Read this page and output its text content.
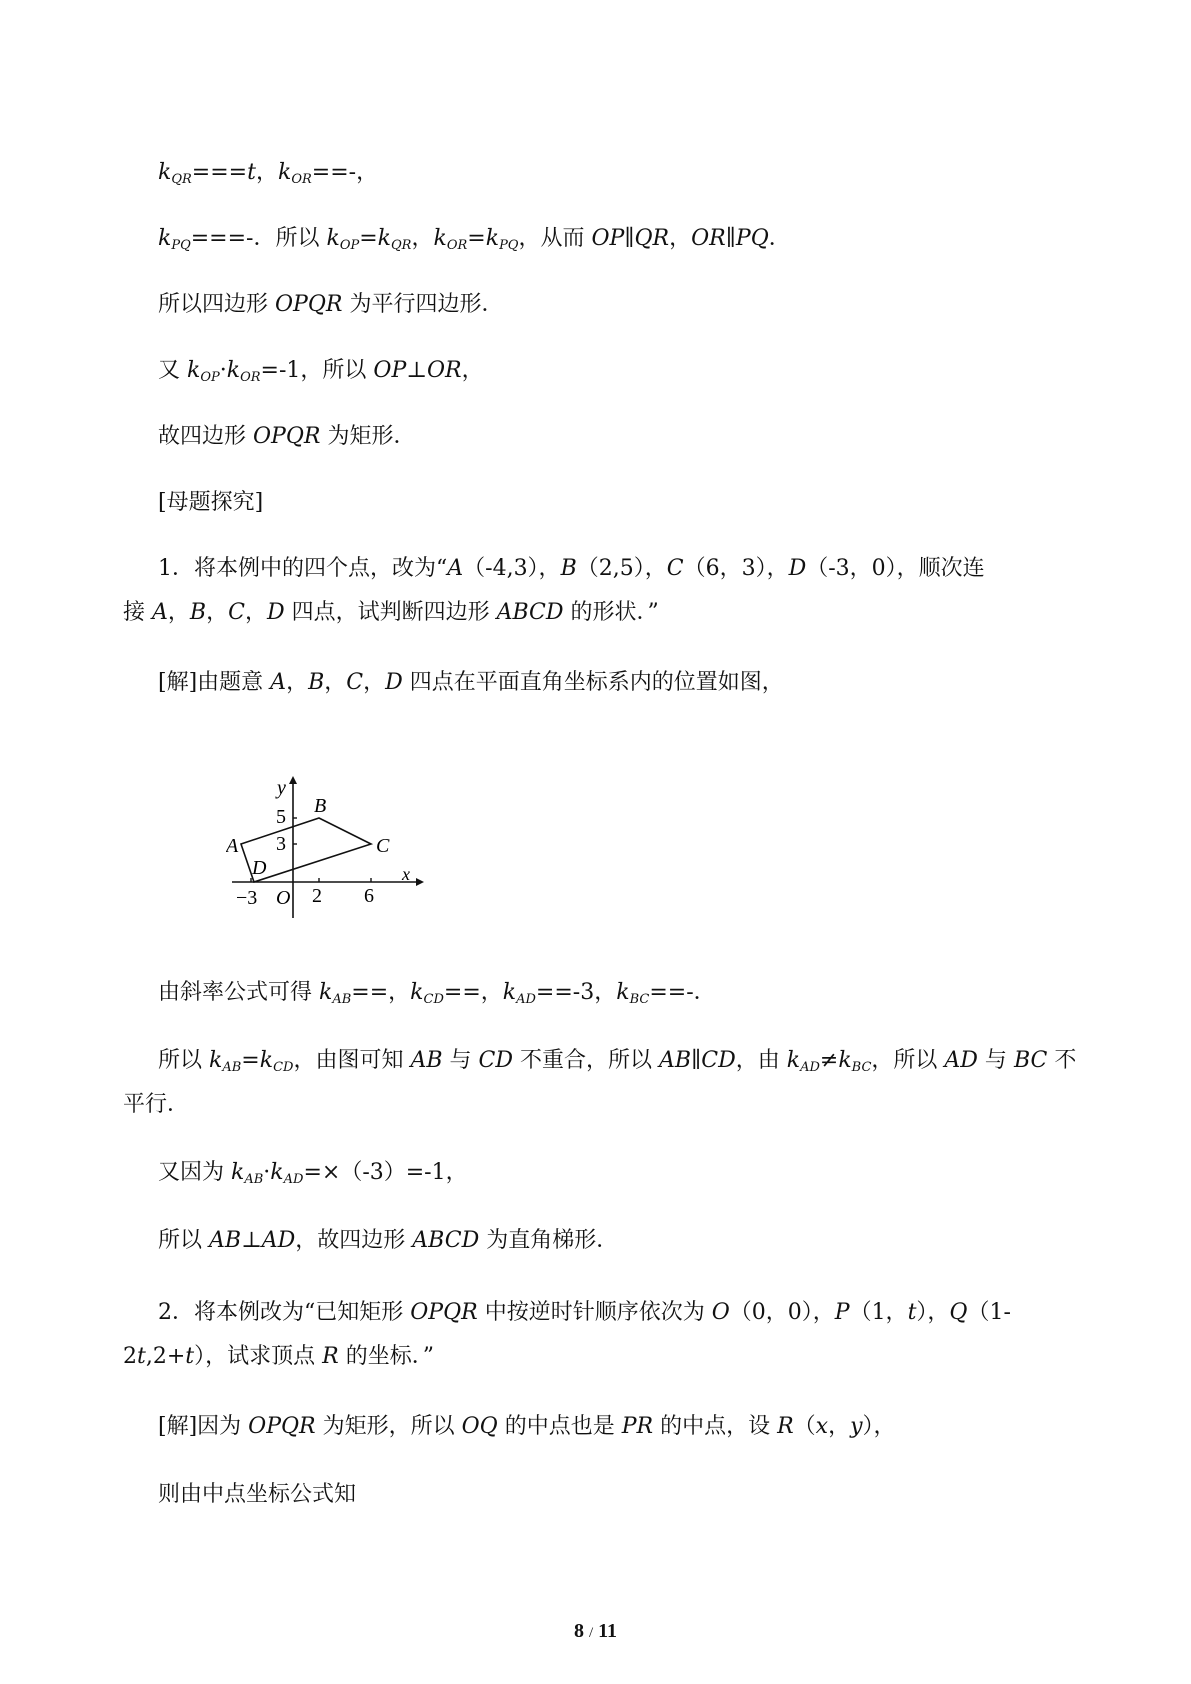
$k_{QR}===t$，$k_{OR}==-$，
$k_{PQ}===-$．所以 $k_{OP}=k_{QR}$，$k_{OR}=k_{PQ}$，从而 OP∥QR，OR∥PQ．
所以四边形 OPQR 为平行四边形．
又 $k_{OP}\cdot k_{OR}=-1$，所以 OP⊥OR，
故四边形 OPQR 为矩形．
[母题探究]
1．将本例中的四个点，改为“A（-4,3），B（2,5），C（6，3），D（-3，0），顺次连
接 A，B，C，D 四点，试判断四边形 ABCD 的形状．”
[解]由题意 A，B，C，D 四点在平面直角坐标系内的位置如图，
y
x
O
−3	2 6
3
5
A
B
C
D
由斜率公式可得 $k_{AB}==$，$k_{CD}==$，$k_{AD}==-3$，$k_{BC}==-$．
所以 $k_{AB}=k_{CD}$，由图可知 AB 与 CD 不重合，所以 AB∥CD，由 $k_{AD}\ne k_{BC}$，所以 AD 与 BC 不
平行．
又因为 $k_{AB}\cdot k_{AD}=\times(-3)=-1$，
所以 AB⊥AD，故四边形 ABCD 为直角梯形．
2．将本例改为“已知矩形 OPQR 中按逆时针顺序依次为 O（0，0），P（1，t），Q（1-
2t,2+t），试求顶点 R 的坐标．”
[解]因为 OPQR 为矩形，所以 OQ 的中点也是 PR 的中点，设 R（x，y），
则由中点坐标公式知
8 / 11
